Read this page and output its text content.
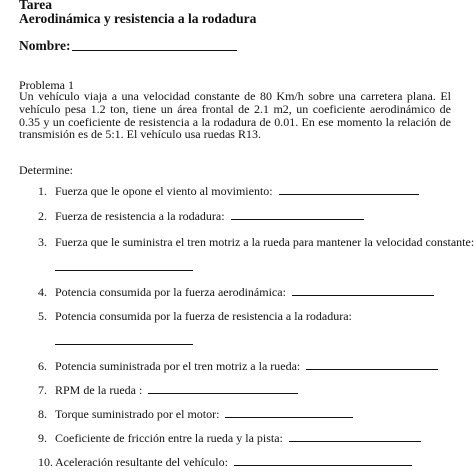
Tarea
Aerodinámica y resistencia a la rodadura
Nombre:
Problema 1
Un vehículo viaja a una velocidad constante de 80 Km/h sobre una carretera plana. El vehículo pesa 1.2 ton, tiene un área frontal de 2.1 m2, un coeficiente aerodinámico de 0.35 y un coeficiente de resistencia a la rodadura de 0.01. En ese momento la relación de transmisión es de 5:1. El vehículo usa ruedas R13.
Determine:
1. Fuerza que le opone el viento al movimiento:
2. Fuerza de resistencia a la rodadura:
3. Fuerza que le suministra el tren motriz a la rueda para mantener la velocidad constante:
4. Potencia consumida por la fuerza aerodinámica:
5. Potencia consumida por la fuerza de resistencia a la rodadura:
6. Potencia suministrada por el tren motriz a la rueda:
7. RPM de la rueda :
8. Torque suministrado por el motor:
9. Coeficiente de fricción entre la rueda y la pista:
10. Aceleración resultante del vehículo:
